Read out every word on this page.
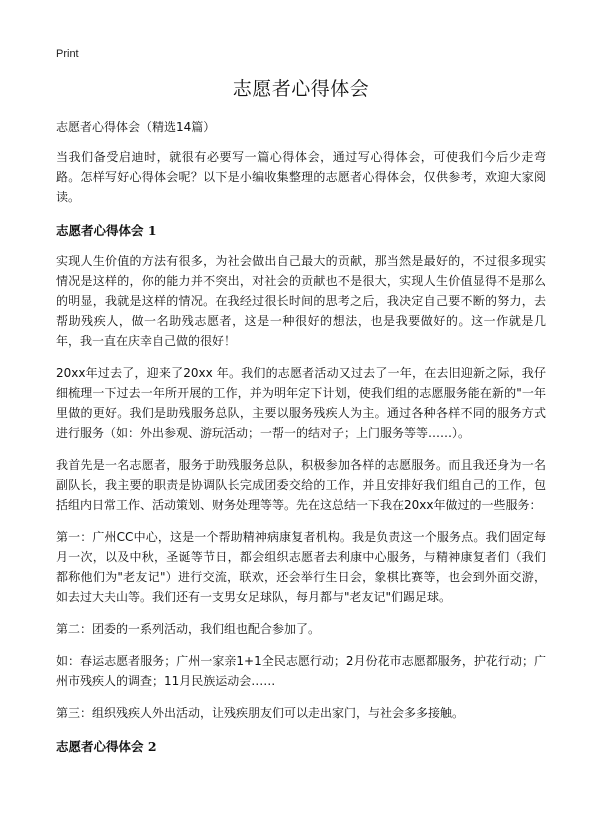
Print
志愿者心得体会
志愿者心得体会（精选14篇）

当我们备受启迪时，就很有必要写一篇心得体会，通过写心得体会，可使我们今后少走弯路。怎样写好心得体会呢？以下是小编收集整理的志愿者心得体会，仅供参考，欢迎大家阅读。

志愿者心得体会 1

实现人生价值的方法有很多，为社会做出自己最大的贡献，那当然是最好的，不过很多现实情况是这样的，你的能力并不突出，对社会的贡献也不是很大，实现人生价值显得不是那么的明显，我就是这样的情况。在我经过很长时间的思考之后，我决定自己要不断的努力，去帮助残疾人，做一名助残志愿者，这是一种很好的想法，也是我要做好的。这一作就是几年，我一直在庆幸自己做的很好！

20xx年过去了，迎来了20xx 年。我们的志愿者活动又过去了一年，在去旧迎新之际，我仔细梳理一下过去一年所开展的工作，并为明年定下计划，使我们组的志愿服务能在新的"一年里做的更好。我们是助残服务总队，主要以服务残疾人为主。通过各种各样不同的服务方式进行服务（如：外出参观、游玩活动；一帮一的结对子；上门服务等等……）。

我首先是一名志愿者，服务于助残服务总队，积极参加各样的志愿服务。而且我还身为一名副队长，我主要的职责是协调队长完成团委交给的工作，并且安排好我们组自己的工作，包括组内日常工作、活动策划、财务处理等等。先在这总结一下我在20xx年做过的一些服务：

第一：广州CC中心，这是一个帮助精神病康复者机构。我是负责这一个服务点。我们固定每月一次，以及中秋，圣诞等节日，都会组织志愿者去利康中心服务，与精神康复者们（我们都称他们为"老友记"）进行交流，联欢，还会举行生日会，象棋比赛等，也会到外面交游，如去过大夫山等。我们还有一支男女足球队，每月都与"老友记"们踢足球。

第二：团委的一系列活动，我们组也配合参加了。

如：春运志愿者服务；广州一家亲1+1全民志愿行动；2月份花市志愿都服务，护花行动；广州市残疾人的调查；11月民族运动会……

第三：组织残疾人外出活动，让残疾朋友们可以走出家门，与社会多多接触。

志愿者心得体会 2
